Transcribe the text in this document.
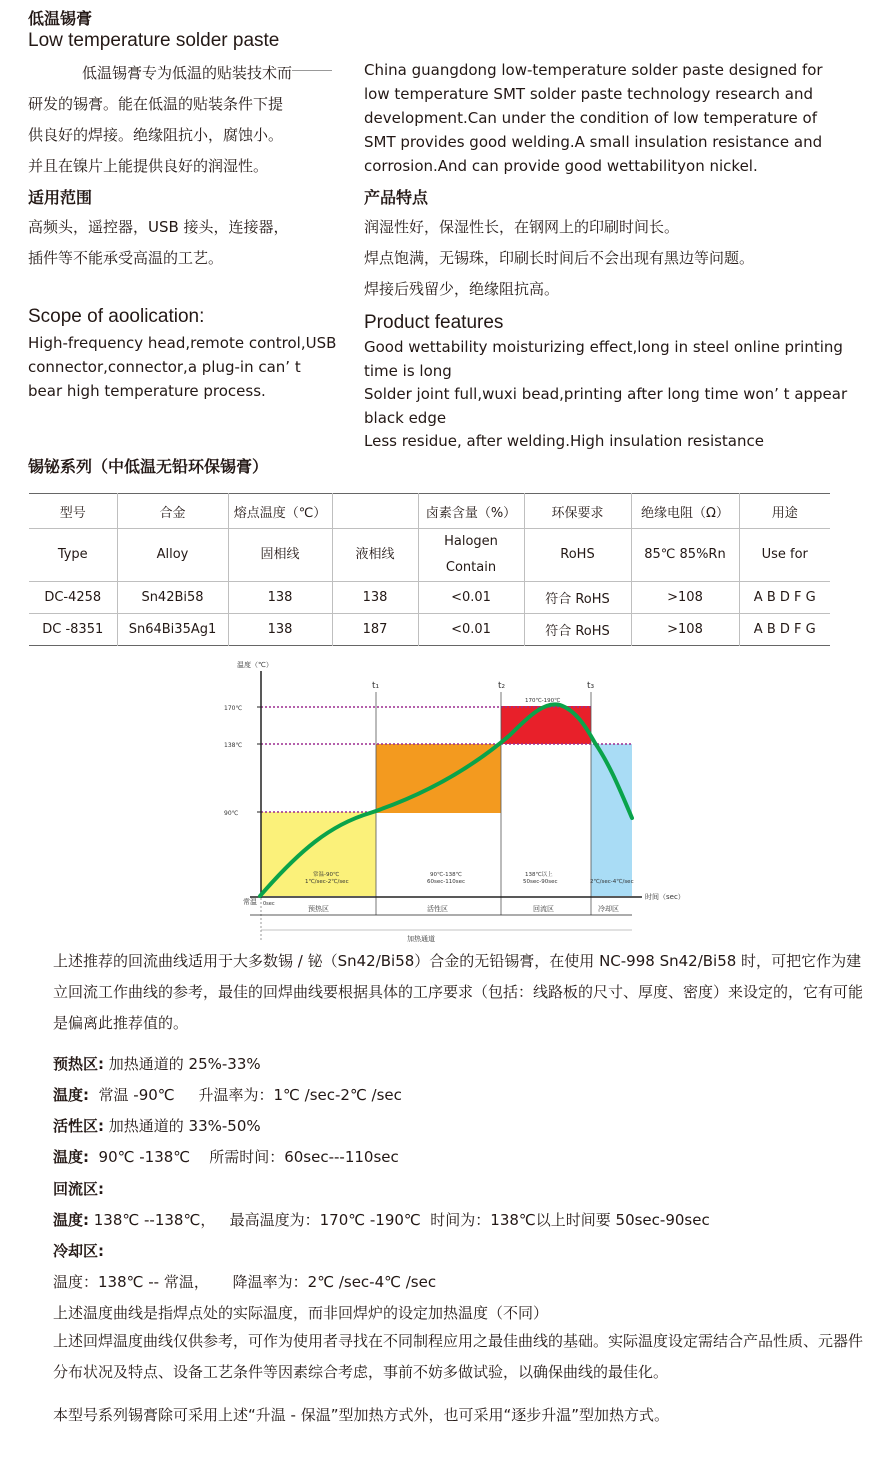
低温锡膏
Low temperature solder paste
低温锡膏专为低温的贴装技术而
研发的锡膏。能在低温的贴装条件下提
供良好的焊接。绝缘阻抗小，腐蚀小。
并且在镍片上能提供良好的润湿性。
China guangdong low-temperature solder paste designed for
low temperature SMT solder paste technology research and
development.Can under the condition of low temperature of
SMT provides good welding.A small insulation resistance and
corrosion.And can provide good wettabilityon nickel.
适用范围
高频头，遥控器，USB 接头，连接器，
插件等不能承受高温的工艺。
Scope of aoolication:
High-frequency head,remote control,USB
connector,connector,a plug-in can’ t
bear high temperature process.
产品特点
润湿性好，保湿性长，在钢网上的印刷时间长。
焊点饱满，无锡珠，印刷长时间后不会出现有黑边等问题。
焊接后残留少，绝缘阻抗高。
Product features
Good wettability moisturizing effect,long in steel online printing
time is long
Solder joint full,wuxi bead,printing after long time won’ t appear
black edge
Less residue, after welding.High insulation resistance
锡铋系列（中低温无铅环保锡膏）
型号	合金	熔点温度（℃）		卤素含量（%）	环保要求	绝缘电阻（Ω）	用途
Type	Alloy	固相线	液相线	Halogen Contain	RoHS	85℃ 85%Rn	Use for
DC-4258	Sn42Bi58	138	138	<0.01	符合 RoHS	>108	A B D F G
DC -8351	Sn64Bi35Ag1	138	187	<0.01	符合 RoHS	>108	A B D F G
温度（℃）
170℃
138℃
90℃
常温 0sec
t₁	t₂	t₃
时间（sec）
170℃-190℃
常温-90℃
1℃/sec-2℃/sec
90℃-138℃
60sec-110sec
138℃以上
50sec-90sec	2℃/sec-4℃/sec
预热区	活性区	回流区	冷却区
加热通道
上述推荐的回流曲线适用于大多数锡 / 铋（Sn42/Bi58）合金的无铅锡膏，在使用 NC-998 Sn42/Bi58 时，可把它作为建立回流工作曲线的参考，最佳的回焊曲线要根据具体的工序要求（包括：线路板的尺寸、厚度、密度）来设定的，它有可能是偏离此推荐值的。
预热区: 加热通道的 25%-33%
温度:  常温 -90℃     升温率为：1℃ /sec-2℃ /sec
活性区: 加热通道的 33%-50%
温度:  90℃ -138℃    所需时间：60sec---110sec
回流区:
温度: 138℃ --138℃，   最高温度为：170℃ -190℃  时间为：138℃以上时间要 50sec-90sec
冷却区:
温度：138℃ -- 常温，     降温率为：2℃ /sec-4℃ /sec
上述温度曲线是指焊点处的实际温度，而非回焊炉的设定加热温度（不同）
上述回焊温度曲线仅供参考，可作为使用者寻找在不同制程应用之最佳曲线的基础。实际温度设定需结合产品性质、元器件分布状况及特点、设备工艺条件等因素综合考虑，事前不妨多做试验，以确保曲线的最佳化。
本型号系列锡膏除可采用上述“升温 - 保温”型加热方式外，也可采用“逐步升温”型加热方式。
